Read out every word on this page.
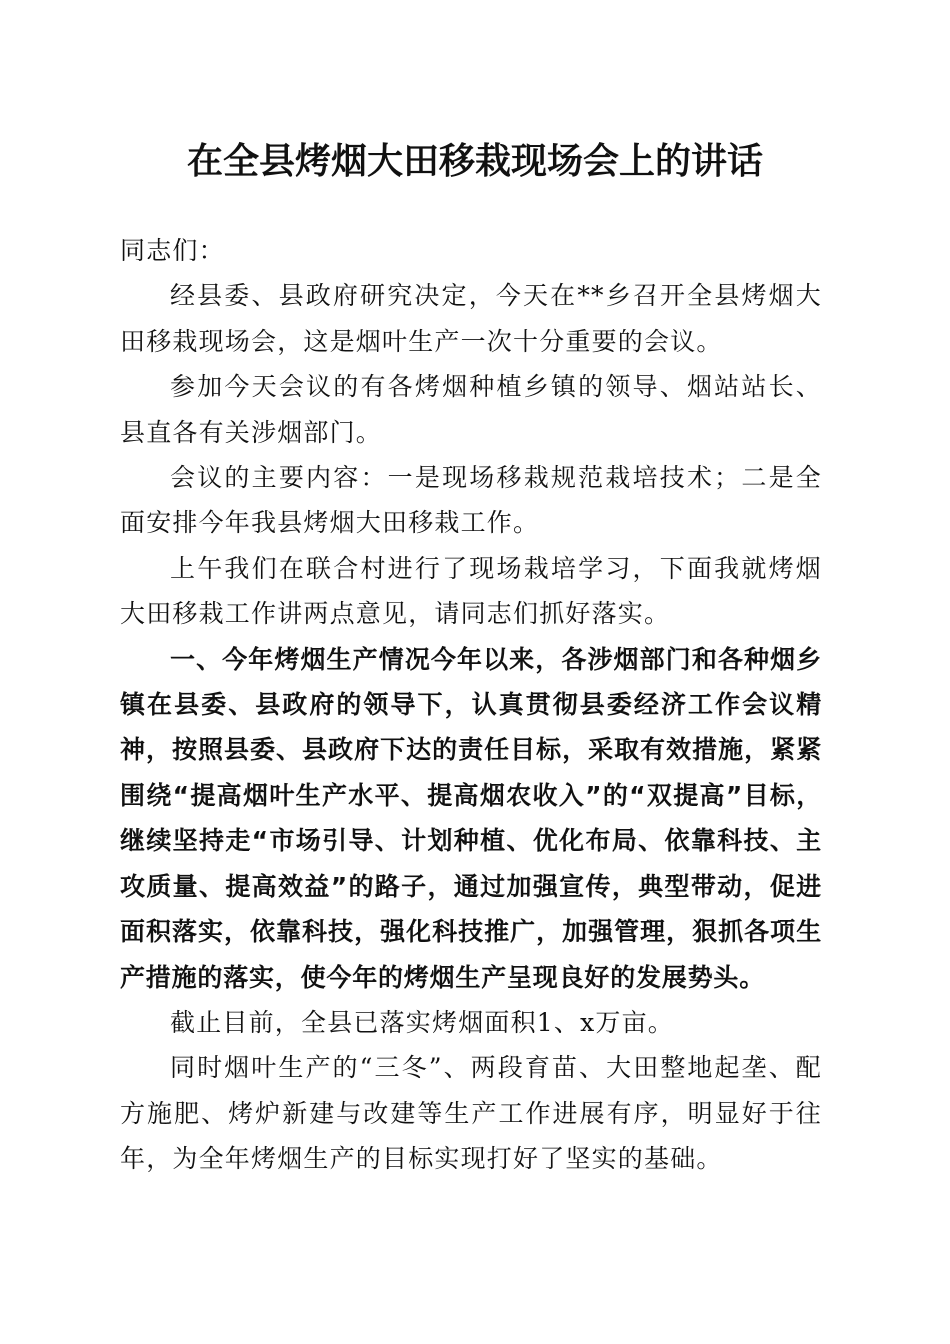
在全县烤烟大田移栽现场会上的讲话

同志们：

经县委、县政府研究决定，今天在**乡召开全县烤烟大田移栽现场会，这是烟叶生产一次十分重要的会议。

参加今天会议的有各烤烟种植乡镇的领导、烟站站长、县直各有关涉烟部门。

会议的主要内容：一是现场移栽规范栽培技术；二是全面安排今年我县烤烟大田移栽工作。

上午我们在联合村进行了现场栽培学习，下面我就烤烟大田移栽工作讲两点意见，请同志们抓好落实。

一、今年烤烟生产情况今年以来，各涉烟部门和各种烟乡镇在县委、县政府的领导下，认真贯彻县委经济工作会议精神，按照县委、县政府下达的责任目标，采取有效措施，紧紧围绕“提高烟叶生产水平、提高烟农收入”的“双提高”目标，继续坚持走“市场引导、计划种植、优化布局、依靠科技、主攻质量、提高效益”的路子，通过加强宣传，典型带动，促进面积落实，依靠科技，强化科技推广，加强管理，狠抓各项生产措施的落实，使今年的烤烟生产呈现良好的发展势头。

截止目前，全县已落实烤烟面积1、x万亩。

同时烟叶生产的“三冬”、两段育苗、大田整地起垄、配方施肥、烤炉新建与改建等生产工作进展有序，明显好于往年，为全年烤烟生产的目标实现打好了坚实的基础。
